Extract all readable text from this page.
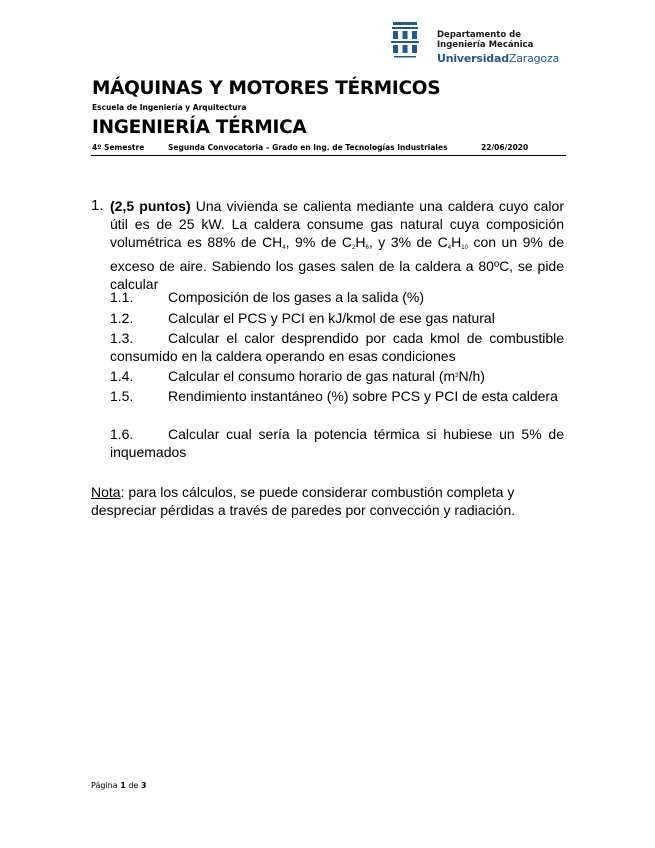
Departamento de
Ingeniería Mecánica
UniversidadZaragoza
MÁQUINAS Y MOTORES TÉRMICOS
Escuela de Ingeniería y Arquitectura
INGENIERÍA TÉRMICA
4º Semestre	Segunda Convocatoria – Grado en Ing. de Tecnologías Industriales	22/06/2020
1. (2,5 puntos) Una vivienda se calienta mediante una caldera cuyo calor útil es de 25 kW. La caldera consume gas natural cuya composición volumétrica es 88% de $CH_4$, 9% de $C_2H_6$, y 3% de $C_4H_{10}$ con un 9% de exceso de aire. Sabiendo los gases salen de la caldera a 80ºC, se pide calcular
1.1. Composición de los gases a la salida (%)
1.2. Calcular el PCS y PCI en kJ/kmol de ese gas natural
1.3. Calcular el calor desprendido por cada kmol de combustible consumido en la caldera operando en esas condiciones
1.4. Calcular el consumo horario de gas natural $(m^3N/h)$
1.5. Rendimiento instantáneo (%) sobre PCS y PCI de esta caldera
1.6. Calcular cual sería la potencia térmica si hubiese un 5% de inquemados
Nota: para los cálculos, se puede considerar combustión completa y despreciar pérdidas a través de paredes por convección y radiación.
Página 1 de 3
